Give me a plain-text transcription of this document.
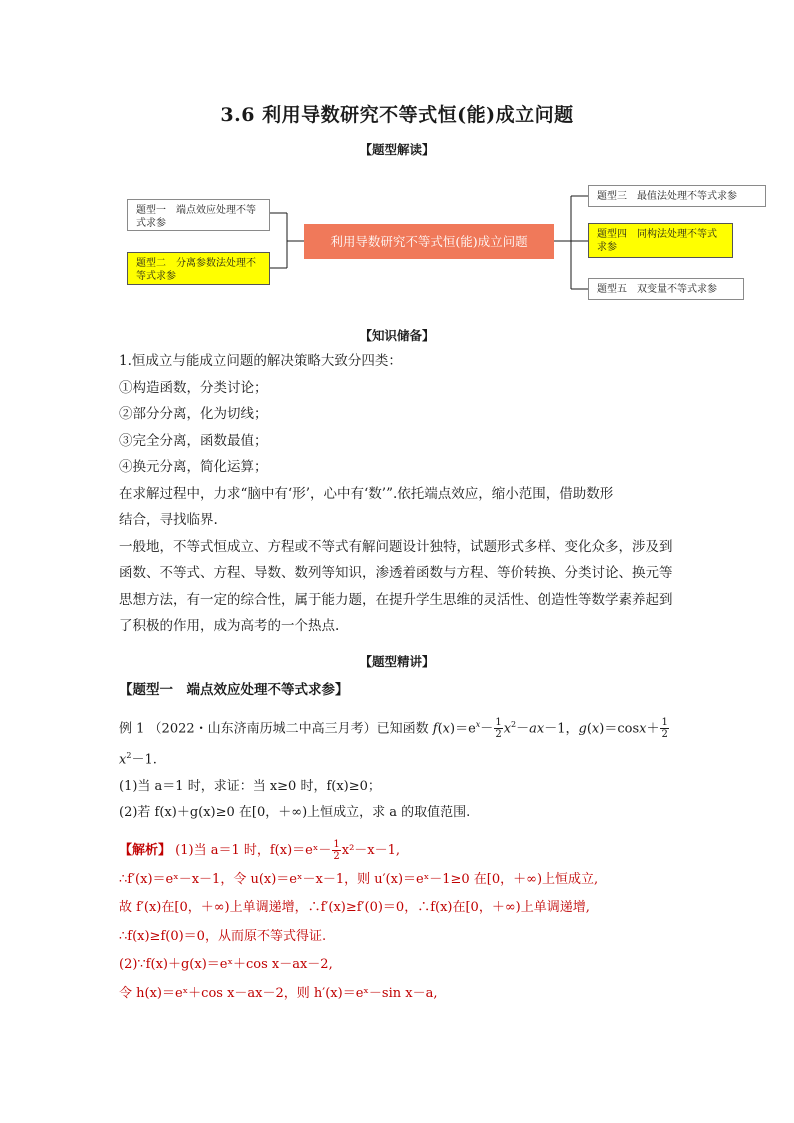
3.6 利用导数研究不等式恒(能)成立问题
【题型解读】
题型一　端点效应处理不等式求参
题型二　分离参数法处理不等式求参
利用导数研究不等式恒(能)成立问题
题型三　最值法处理不等式求参
题型四　同构法处理不等式求参
题型五　双变量不等式求参
【知识储备】
1.恒成立与能成立问题的解决策略大致分四类：
①构造函数，分类讨论；
②部分分离，化为切线；
③完全分离，函数最值；
④换元分离，简化运算；
在求解过程中，力求“脑中有‘形’，心中有‘数’”.依托端点效应，缩小范围，借助数形
结合，寻找临界.
一般地，不等式恒成立、方程或不等式有解问题设计独特，试题形式多样、变化众多，涉及到函数、不等式、方程、导数、数列等知识，渗透着函数与方程、等价转换、分类讨论、换元等思想方法，有一定的综合性，属于能力题，在提升学生思维的灵活性、创造性等数学素养起到了积极的作用，成为高考的一个热点.
【题型精讲】
【题型一　端点效应处理不等式求参】
例 1 （2022・山东济南历城二中高三月考）已知函数 $f(x)=e^x- \frac{1}{2} x^2-ax-1$，$g(x)=\cos x+ \frac{1}{2}$
$x^2-1$.
(1)当 a＝1 时，求证：当 x≥0 时，f(x)≥0；
(2)若 f(x)＋g(x)≥0 在[0，＋∞)上恒成立，求 a 的取值范围.
【解析】 (1)当 a＝1 时，f(x)＝eˣ－ $\frac{1}{2} x^2-x-1$,
∴f′(x)＝eˣ－x－1，令 u(x)＝eˣ－x－1，则 u′(x)＝eˣ－1≥0 在[0，＋∞)上恒成立,
故 f′(x)在[0，＋∞)上单调递增，∴f′(x)≥f′(0)＝0，∴f(x)在[0，＋∞)上单调递增,
∴f(x)≥f(0)＝0，从而原不等式得证.
(2)∵f(x)＋g(x)＝eˣ＋cos x－ax－2,
令 h(x)＝eˣ＋cos x－ax－2，则 h′(x)＝eˣ－sin x－a,
